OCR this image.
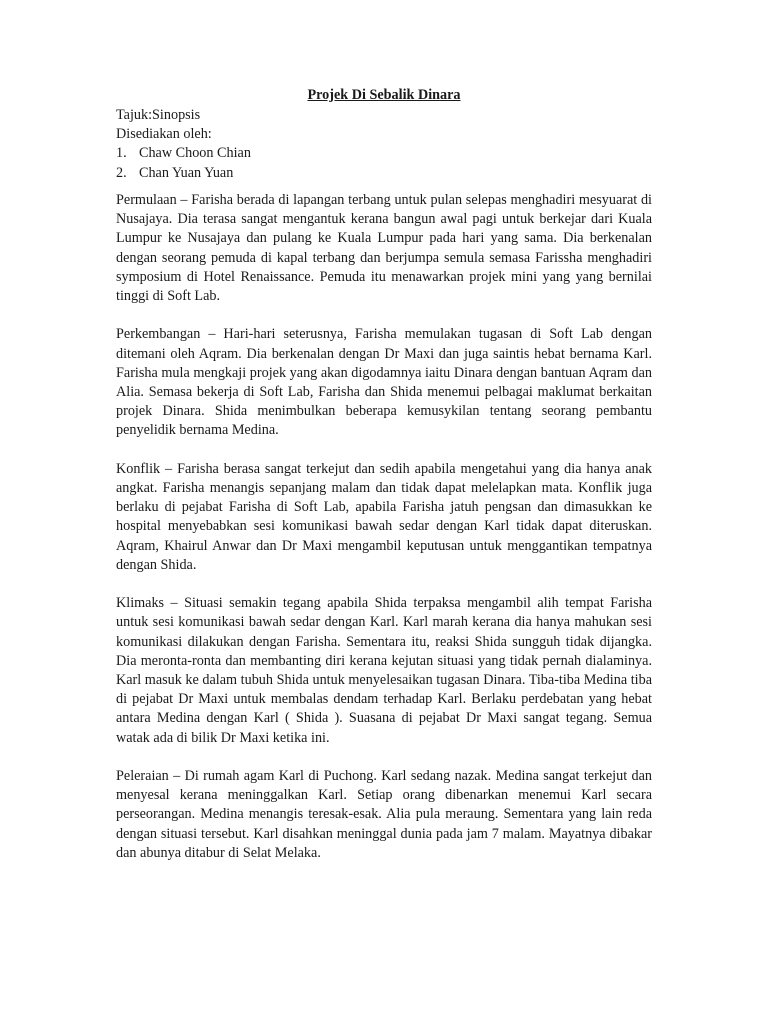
Projek Di Sebalik Dinara

Tajuk:Sinopsis

Disediakan oleh:

1. Chaw Choon Chian
2. Chan Yuan Yuan

Permulaan – Farisha berada di lapangan terbang untuk pulan selepas menghadiri mesyuarat di Nusajaya. Dia terasa sangat mengantuk kerana bangun awal pagi untuk berkejar dari Kuala Lumpur ke Nusajaya dan pulang ke Kuala Lumpur pada hari yang sama. Dia berkenalan dengan seorang pemuda di kapal terbang dan berjumpa semula semasa Farissha menghadiri symposium di Hotel Renaissance. Pemuda itu menawarkan projek mini yang yang bernilai tinggi di Soft Lab.

Perkembangan – Hari-hari seterusnya, Farisha memulakan tugasan di Soft Lab dengan ditemani oleh Aqram. Dia berkenalan dengan Dr Maxi dan juga saintis hebat bernama Karl. Farisha mula mengkaji projek yang akan digodamnya iaitu Dinara dengan bantuan Aqram dan Alia. Semasa bekerja di Soft Lab, Farisha dan Shida menemui pelbagai maklumat berkaitan projek Dinara. Shida menimbulkan beberapa kemusykilan tentang seorang pembantu penyelidik bernama Medina.

Konflik – Farisha berasa sangat terkejut dan sedih apabila mengetahui yang dia hanya anak angkat. Farisha menangis sepanjang malam dan tidak dapat melelapkan mata. Konflik juga berlaku di pejabat Farisha di Soft Lab, apabila Farisha jatuh pengsan dan dimasukkan ke hospital menyebabkan sesi komunikasi bawah sedar dengan Karl tidak dapat diteruskan. Aqram, Khairul Anwar dan Dr Maxi mengambil keputusan untuk menggantikan tempatnya dengan Shida.

Klimaks – Situasi semakin tegang apabila Shida terpaksa mengambil alih tempat Farisha untuk sesi komunikasi bawah sedar dengan Karl. Karl marah kerana dia hanya mahukan sesi komunikasi dilakukan dengan Farisha. Sementara itu, reaksi Shida sungguh tidak dijangka. Dia meronta-ronta dan membanting diri kerana kejutan situasi yang tidak pernah dialaminya. Karl masuk ke dalam tubuh Shida untuk menyelesaikan tugasan Dinara. Tiba-tiba Medina tiba di pejabat Dr Maxi untuk membalas dendam terhadap Karl. Berlaku perdebatan yang hebat antara Medina dengan Karl ( Shida ). Suasana di pejabat Dr Maxi sangat tegang. Semua watak ada di bilik Dr Maxi ketika ini.

Peleraian – Di rumah agam Karl di Puchong. Karl sedang nazak. Medina sangat terkejut dan menyesal kerana meninggalkan Karl. Setiap orang dibenarkan menemui Karl secara perseorangan. Medina menangis teresak-esak. Alia pula meraung. Sementara yang lain reda dengan situasi tersebut. Karl disahkan meninggal dunia pada jam 7 malam. Mayatnya dibakar dan abunya ditabur di Selat Melaka.
